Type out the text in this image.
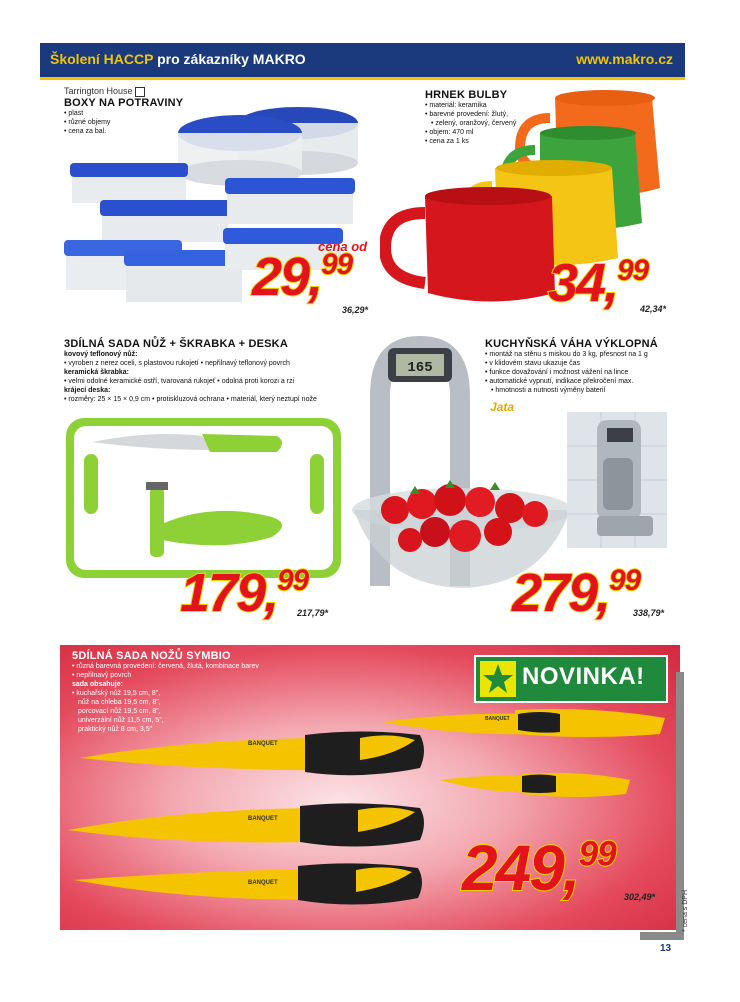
Školení HACCP pro zákazníky MAKRO	www.makro.cz
Tarrington House
BOXY NA POTRAVINY
• plast
• různé objemy
• cena za bal.
cena od
29,99
36,29*
HRNEK BULBY
• materiál: keramika
• barevné provedení: žlutý,
• zelený, oranžový, červený
• objem: 470 ml
• cena za 1 ks
34,99
42,34*
3DÍLNÁ SADA NŮŽ + ŠKRABKA + DESKA
kovový teflonový nůž:
• vyroben z nerez oceli, s plastovou rukojetí • nepřilnavý teflonový povrch
keramická škrabka:
• velmi odolné keramické ostří, tvarovaná rukojeť • odolná proti korozi a rzi
krájecí deska:
• rozměry: 25 × 15 × 0,9 cm • protiskluzová ochrana • materiál, který neztupí nože
179,99
217,79*
KUCHYŇSKÁ VÁHA VÝKLOPNÁ
• montáž na stěnu s miskou do 3 kg, přesnost na 1 g
• v klidovém stavu ukazuje čas
• funkce dovažování i možnost vážení na lince
• automatické vypnutí, indikace překročení max.
• hmotnosti a nutnosti výměny baterií
165
Jata
279,99
338,79*
5DÍLNÁ SADA NOŽŮ SYMBIO
• různá barevná provedení: červená, žlutá, kombinace barev
• nepřilnavý povrch
sada obsahuje:
• kuchařský nůž 19,5 cm, 8",
nůž na chleba 19,5 cm, 8",
porcovací nůž 19,5 cm, 8",
univerzální nůž 11,5 cm, 5",
praktický nůž 8 cm, 3,5"
NOVINKA!
BANQUET
BANQUET
BANQUET
BANQUET
249,99
302,49*	* cena s DPH
13
